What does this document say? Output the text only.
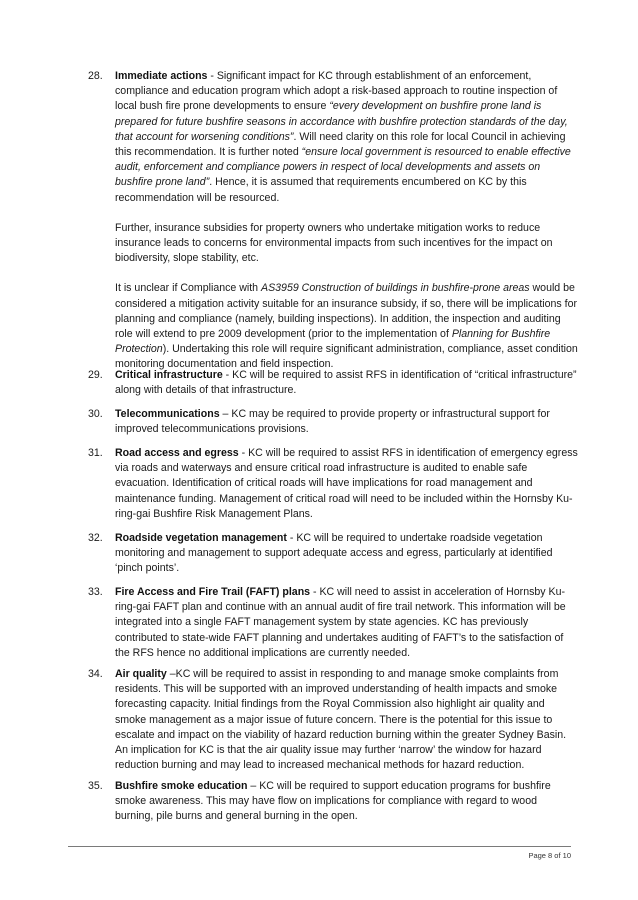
28.	Immediate actions - Significant impact for KC through establishment of an enforcement, compliance and education program which adopt a risk-based approach to routine inspection of local bush fire prone developments to ensure “every development on bushfire prone land is prepared for future bushfire seasons in accordance with bushfire protection standards of the day, that account for worsening conditions”. Will need clarity on this role for local Council in achieving this recommendation. It is further noted “ensure local government is resourced to enable effective audit, enforcement and compliance powers in respect of local developments and assets on bushfire prone land”. Hence, it is assumed that requirements encumbered on KC by this recommendation will be resourced.

Further, insurance subsidies for property owners who undertake mitigation works to reduce insurance leads to concerns for environmental impacts from such incentives for the impact on biodiversity, slope stability, etc.

It is unclear if Compliance with AS3959 Construction of buildings in bushfire-prone areas would be considered a mitigation activity suitable for an insurance subsidy, if so, there will be implications for planning and compliance (namely, building inspections). In addition, the inspection and auditing role will extend to pre 2009 development (prior to the implementation of Planning for Bushfire Protection). Undertaking this role will require significant administration, compliance, asset condition monitoring documentation and field inspection.

29.	Critical infrastructure - KC will be required to assist RFS in identification of “critical infrastructure” along with details of that infrastructure.

30.	Telecommunications – KC may be required to provide property or infrastructural support for improved telecommunications provisions.

31.	Road access and egress - KC will be required to assist RFS in identification of emergency egress via roads and waterways and ensure critical road infrastructure is audited to enable safe evacuation. Identification of critical roads will have implications for road management and maintenance funding. Management of critical road will need to be included within the Hornsby Ku-ring-gai Bushfire Risk Management Plans.

32.	Roadside vegetation management - KC will be required to undertake roadside vegetation monitoring and management to support adequate access and egress, particularly at identified ‘pinch points’.

33.	Fire Access and Fire Trail (FAFT) plans - KC will need to assist in acceleration of Hornsby Ku-ring-gai FAFT plan and continue with an annual audit of fire trail network. This information will be integrated into a single FAFT management system by state agencies. KC has previously contributed to state-wide FAFT planning and undertakes auditing of FAFT’s to the satisfaction of the RFS hence no additional implications are currently needed.

34.	Air quality –KC will be required to assist in responding to and manage smoke complaints from residents. This will be supported with an improved understanding of health impacts and smoke forecasting capacity. Initial findings from the Royal Commission also highlight air quality and smoke management as a major issue of future concern. There is the potential for this issue to escalate and impact on the viability of hazard reduction burning within the greater Sydney Basin. An implication for KC is that the air quality issue may further ‘narrow’ the window for hazard reduction burning and may lead to increased mechanical methods for hazard reduction.

35.	Bushfire smoke education – KC will be required to support education programs for bushfire smoke awareness. This may have flow on implications for compliance with regard to wood burning, pile burns and general burning in the open.

Page 8 of 10
